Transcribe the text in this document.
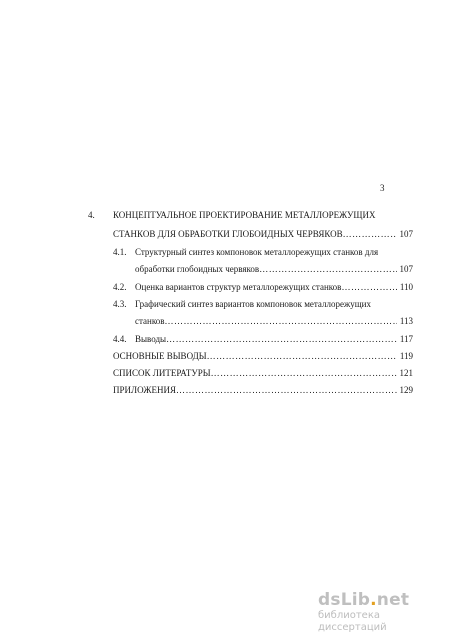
3
4.	КОНЦЕПТУАЛЬНОЕ ПРОЕКТИРОВАНИЕ МЕТАЛЛОРЕЖУЩИХ
СТАНКОВ ДЛЯ ОБРАБОТКИ ГЛОБОИДНЫХ ЧЕРВЯКОВ …………………………………………………………………………………………………………………………………………	107
4.1. Структурный синтез компоновок металлорежущих станков для
обработки глобоидных червяков …………………………………………………………………………………………………………………………………………	107
4.2. Оценка вариантов структур металлорежущих станков …………………………………………………………………………………………………………………………………………	110
4.3. Графический синтез вариантов компоновок металлорежущих
станков …………………………………………………………………………………………………………………………………………	113
4.4. Выводы …………………………………………………………………………………………………………………………………………	117
ОСНОВНЫЕ ВЫВОДЫ …………………………………………………………………………………………………………………………………………	119
СПИСОК ЛИТЕРАТУРЫ …………………………………………………………………………………………………………………………………………	121
ПРИЛОЖЕНИЯ …………………………………………………………………………………………………………………………………………	129
dsLib.net
библиотека диссертаций
